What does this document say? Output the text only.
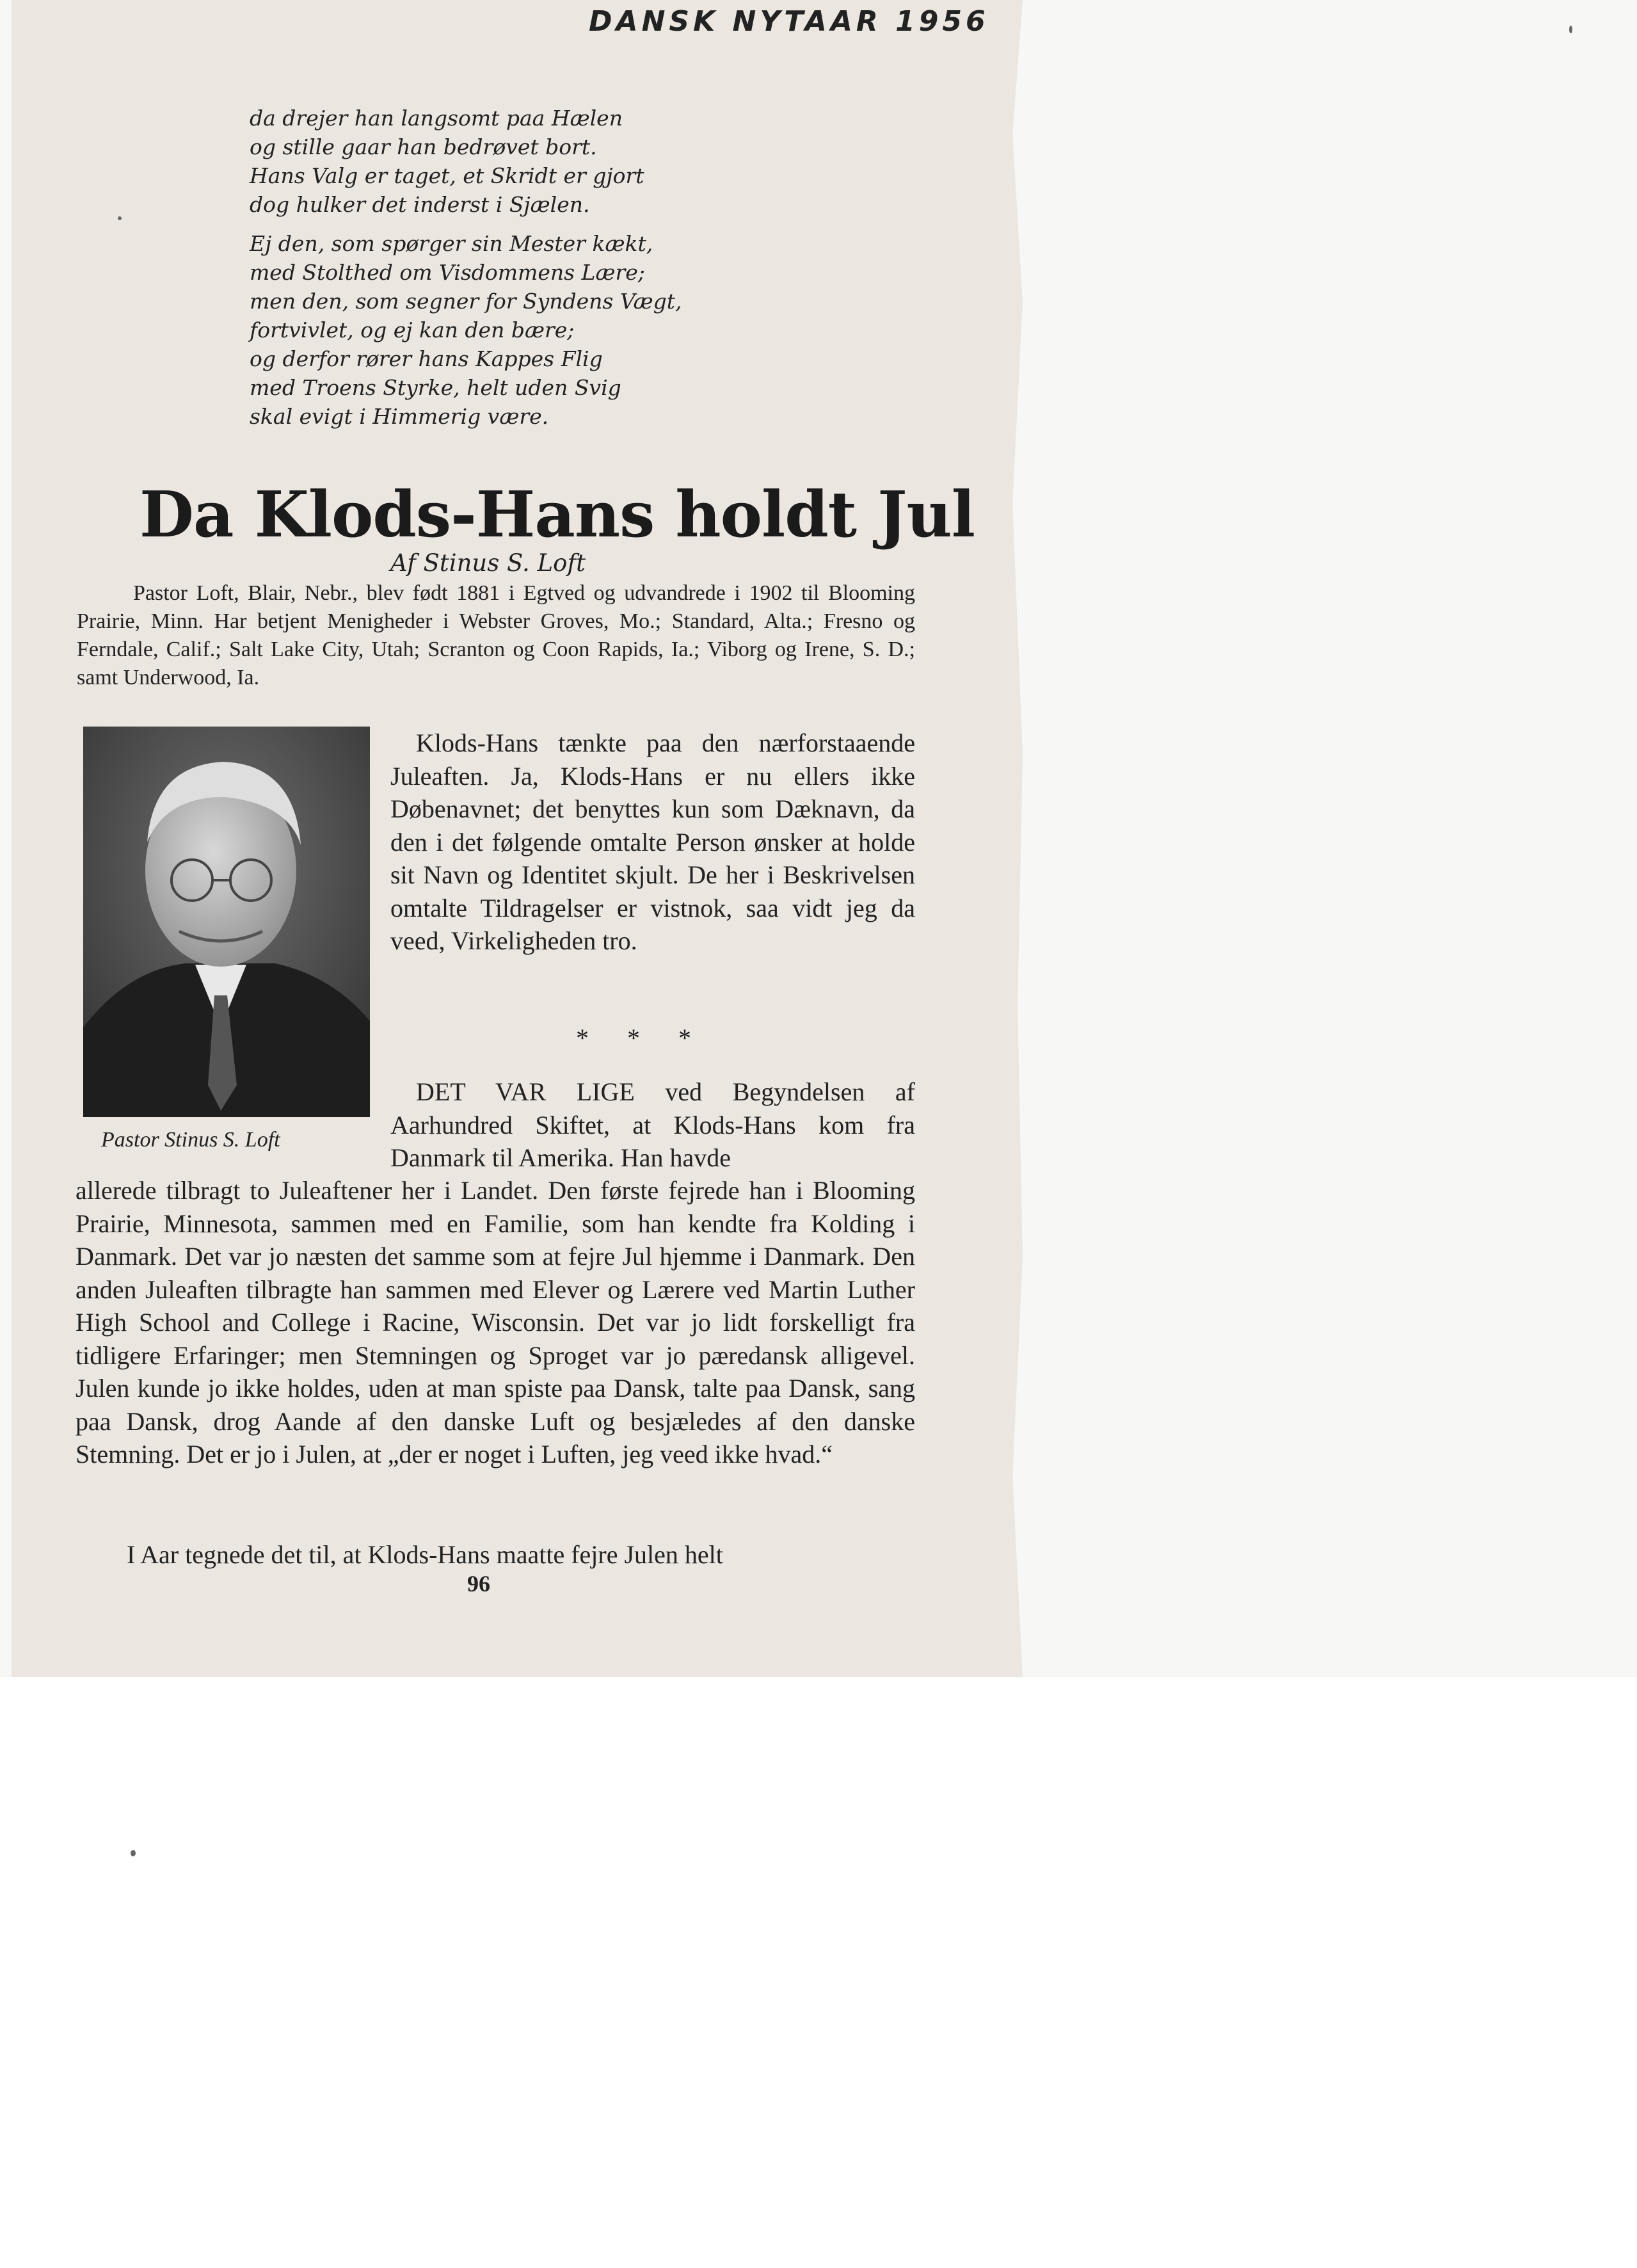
DANSK NYTAAR 1956

da drejer han langsomt paa Hælen

og stille gaar han bedrøvet bort.

Hans Valg er taget, et Skridt er gjort

dog hulker det inderst i Sjælen.

Ej den, som spørger sin Mester kækt,

med Stolthed om Visdommens Lære;

men den, som segner for Syndens Vægt,

fortvivlet, og ej kan den bære;

og derfor rører hans Kappes Flig

med Troens Styrke, helt uden Svig

skal evigt i Himmerig være.

Da Klods-Hans holdt Jul
Af Stinus S. Loft
Pastor Loft, Blair, Nebr., blev født 1881 i Egtved og udvandrede i 1902 til Blooming Prairie, Minn. Har betjent Menigheder i Webster Groves, Mo.; Standard, Alta.; Fresno og Ferndale, Calif.; Salt Lake City, Utah; Scranton og Coon Rapids, Ia.; Viborg og Irene, S. D.; samt Underwood, Ia.
Pastor Stinus S. Loft
Klods-Hans tænkte paa den nærforstaaende Juleaften. Ja, Klods-Hans er nu ellers ikke Døbenavnet; det benyttes kun som Dæknavn, da den i det følgende omtalte Person ønsker at holde sit Navn og Identitet skjult. De her i Beskrivelsen omtalte Tildragelser er vistnok, saa vidt jeg da veed, Virkeligheden tro.
* * *
DET VAR LIGE ved Begyndelsen af Aarhundred Skiftet, at Klods-Hans kom fra Danmark til Amerika. Han havde
allerede tilbragt to Juleaftener her i Landet. Den første fejrede han i Blooming Prairie, Minnesota, sammen med en Familie, som han kendte fra Kolding i Danmark. Det var jo næsten det samme som at fejre Jul hjemme i Danmark. Den anden Juleaften tilbragte han sammen med Elever og Lærere ved Martin Luther High School and College i Racine, Wisconsin. Det var jo lidt forskelligt fra tidligere Erfaringer; men Stemningen og Sproget var jo pæredansk alligevel. Julen kunde jo ikke holdes, uden at man spiste paa Dansk, talte paa Dansk, sang paa Dansk, drog Aande af den danske Luft og besjæledes af den danske Stemning. Det er jo i Julen, at „der er noget i Luften, jeg veed ikke hvad.“
I Aar tegnede det til, at Klods-Hans maatte fejre Julen helt
96
